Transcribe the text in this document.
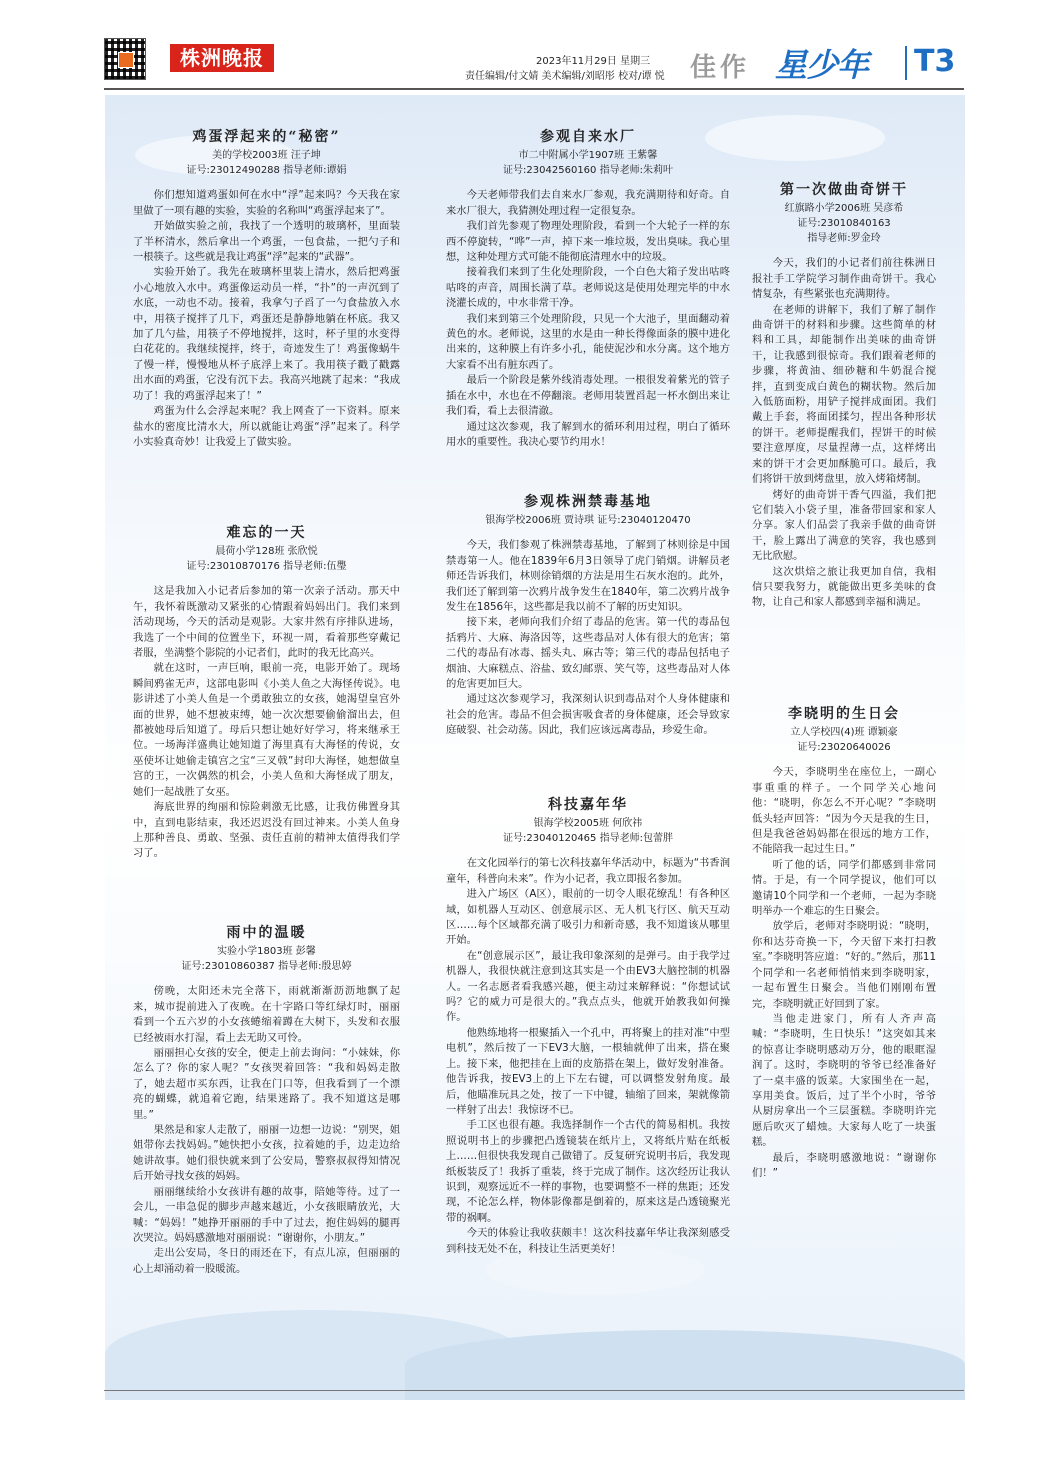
株洲晚报	2023年11月29日 星期三
责任编辑/付文婧 美术编辑/刘昭彤 校对/谭 悦 佳作 星少年 T3
鸡蛋浮起来的“秘密”
美的学校2003班 汪子坤
证号:23012490288 指导老师:谭娟

你们想知道鸡蛋如何在水中“浮”起来吗？今天我在家里做了一项有趣的实验，实验的名称叫“鸡蛋浮起来了”。

开始做实验之前，我找了一个透明的玻璃杯，里面装了半杯清水，然后拿出一个鸡蛋，一包食盐，一把勺子和一根筷子。这些就是我让鸡蛋“浮”起来的“武器”。

实验开始了。我先在玻璃杯里装上清水，然后把鸡蛋小心地放入水中。鸡蛋像运动员一样，“扑”的一声沉到了水底，一动也不动。接着，我拿勺子舀了一勺食盐放入水中，用筷子搅拌了几下，鸡蛋还是静静地躺在杯底。我又加了几勺盐，用筷子不停地搅拌，这时，杯子里的水变得白花花的。我继续搅拌，终于，奇迹发生了！鸡蛋像蜗牛了慢一样，慢慢地从杯子底浮上来了。我用筷子戳了戳露出水面的鸡蛋，它没有沉下去。我高兴地跳了起来：“我成功了！我的鸡蛋浮起来了！”

鸡蛋为什么会浮起来呢？我上网查了一下资料。原来盐水的密度比清水大，所以就能让鸡蛋“浮”起来了。科学小实验真奇妙！让我爱上了做实验。

难忘的一天
晨荷小学128班 张欣悦
证号:23010870176 指导老师:伍璺

这是我加入小记者后参加的第一次亲子活动。那天中午，我怀着既激动又紧张的心情跟着妈妈出门。我们来到活动现场，今天的活动是观影。大家井然有序排队进场，我选了一个中间的位置坐下，环视一周，看着那些穿戴记者服，坐满整个影院的小记者们，此时的我无比高兴。

就在这时，一声巨响，眼前一亮，电影开始了。现场瞬间鸦雀无声，这部电影叫《小美人鱼之大海怪传说》。电影讲述了小美人鱼是一个勇敢独立的女孩，她渴望皇宫外面的世界，她不想被束缚，她一次次想要偷偷溜出去，但都被她母后知道了。母后只想让她好好学习，将来继承王位。一场海洋盛典让她知道了海里真有大海怪的传说，女巫使坏让她偷走镇宫之宝“三叉戟”封印大海怪，她想做皇宫的王，一次偶然的机会，小美人鱼和大海怪成了朋友，她们一起战胜了女巫。

海底世界的绚丽和惊险刺激无比感，让我仿佛置身其中，直到电影结束，我还迟迟没有回过神来。小美人鱼身上那种善良、勇敢、坚强、责任直前的精神太值得我们学习了。

雨中的温暖
实验小学1803班 彭馨
证号:23010860387 指导老师:殷思婷

傍晚，太阳还未完全落下，雨就渐渐沥沥地飘了起来，城市提前进入了夜晚。在十字路口等红绿灯时，丽丽看到一个五六岁的小女孩蜷缩着蹲在大树下，头发和衣服已经被雨水打湿，看上去无助又可怜。

丽丽担心女孩的安全，便走上前去询问：“小妹妹，你怎么了？你的家人呢？”女孩哭着回答：“我和妈妈走散了，她去超市买东西，让我在门口等，但我看到了一个漂亮的蝴蝶，就追着它跑，结果迷路了。我不知道这是哪里。”

果然是和家人走散了，丽丽一边想一边说：“别哭，姐姐带你去找妈妈。”她快把小女孩，拉着她的手，边走边给她讲故事。她们很快就来到了公安局，警察叔叔得知情况后开始寻找女孩的妈妈。

丽丽继续给小女孩讲有趣的故事，陪她等待。过了一会儿，一串急促的脚步声越来越近，小女孩眼睛放光，大喊：“妈妈！”她挣开丽丽的手中了过去，抱住妈妈的腿再次哭泣。妈妈感激地对丽丽说：“谢谢你，小朋友。”

走出公安局，冬日的雨还在下，有点儿凉，但丽丽的心上却涌动着一股暖流。

参观自来水厂
市二中附属小学1907班 王紫馨
证号:23042560160 指导老师:朱莉叶

今天老师带我们去自来水厂参观，我充满期待和好奇。自来水厂很大，我猜测处理过程一定很复杂。

我们首先参观了物理处理阶段，看到一个大轮子一样的东西不停旋转，“哗”一声，掉下来一堆垃圾，发出臭味。我心里想，这种处理方式可能不能彻底清理水中的垃圾。

接着我们来到了生化处理阶段，一个白色大箱子发出咕咚咕咚的声音，周围长满了草。老师说这是使用处理完毕的中水浇灌长成的，中水非常干净。

我们来到第三个处理阶段，只见一个大池子，里面翻动着黄色的水。老师说，这里的水是由一种长得像面条的膜中进化出来的，这种膜上有许多小孔，能使泥沙和水分离。这个地方大家看不出有脏东西了。

最后一个阶段是紫外线消毒处理。一根很发着紫光的管子插在水中，水也在不停翻滚。老师用装置舀起一杯水倒出来让我们看，看上去很清澈。

通过这次参观，我了解到水的循环利用过程，明白了循环用水的重要性。我决心要节约用水！

参观株洲禁毒基地
银海学校2006班 贾诗琪 证号:23040120470

今天，我们参观了株洲禁毒基地，了解到了林则徐是中国禁毒第一人。他在1839年6月3日领导了虎门销烟。讲解员老师还告诉我们，林则徐销烟的方法是用生石灰水泡的。此外，我们还了解到第一次鸦片战争发生在1840年，第二次鸦片战争发生在1856年，这些都是我以前不了解的历史知识。

接下来，老师向我们介绍了毒品的危害。第一代的毒品包括鸦片、大麻、海洛因等，这些毒品对人体有很大的危害；第二代的毒品有冰毒、摇头丸、麻古等；第三代的毒品包括电子烟油、大麻糕点、浴盐、致幻邮票、笑气等，这些毒品对人体的危害更加巨大。

通过这次参观学习，我深刻认识到毒品对个人身体健康和社会的危害。毒品不但会损害吸食者的身体健康，还会导致家庭破裂、社会动荡。因此，我们应该远离毒品，珍爱生命。

科技嘉年华
银海学校2005班 何欣祎
证号:23040120465 指导老师:包蕾胖

在文化园举行的第七次科技嘉年华活动中，标题为“书香润童年，科普向未来”。作为小记者，我立即报名参加。

进入广场区（A区），眼前的一切令人眼花缭乱！有各种区域，如机器人互动区、创意展示区、无人机飞行区、航天互动区……每个区域都充满了吸引力和新奇感，我不知道该从哪里开始。

在“创意展示区”，最让我印象深刻的是弹弓。由于我学过机器人，我很快就注意到这其实是一个由EV3大脑控制的机器人。一名志愿者看我感兴趣，便主动过来解释说：“你想试试吗？它的威力可是很大的。”我点点头，他就开始教我如何操作。

他熟练地将一根聚插入一个孔中，再将聚上的挂对准“中型电机”，然后按了一下EV3大脑，一根轴就伸了出来，搭在聚上。接下来，他把挂在上面的皮筋搭在架上，做好发射准备。他告诉我，按EV3上的上下左右键，可以调整发射角度。最后，他瞄准玩具之处，按了一下中键，轴缩了回来，架就像箭一样射了出去！我惊讶不已。

手工区也很有趣。我选择制作一个古代的简易相机。我按照说明书上的步骤把凸透镜装在纸片上，又将纸片贴在纸板上……但很快我发现自己做错了。反复研究说明书后，我发现纸板装反了！我拆了重装，终于完成了制作。这次经历让我认识到，观察远近不一样的事物，也要调整不一样的焦距；还发现，不论怎么样，物体影像都是倒着的，原来这是凸透镜聚光带的祸啊。

今天的体验让我收获颇丰！这次科技嘉年华让我深刻感受到科技无处不在，科技让生活更美好！

第一次做曲奇饼干
红旗路小学2006班 吴彦希
证号:23010840163
指导老师:罗金玲

今天，我们的小记者们前往株洲日报社手工学院学习制作曲奇饼干。我心情复杂，有些紧张也充满期待。

在老师的讲解下，我们了解了制作曲奇饼干的材料和步骤。这些简单的材料和工具，却能制作出美味的曲奇饼干，让我感到很惊奇。我们跟着老师的步骤，将黄油、细砂糖和牛奶混合搅拌，直到变成白黄色的糊状物。然后加入低筋面粉，用铲子搅拌成面团。我们戴上手套，将面团揉匀，捏出各种形状的饼干。老师提醒我们，捏饼干的时候要注意厚度，尽量捏薄一点，这样烤出来的饼干才会更加酥脆可口。最后，我们将饼干放到烤盘里，放入烤箱烤制。

烤好的曲奇饼干香气四溢，我们把它们装入小袋子里，准备带回家和家人分享。家人们品尝了我亲手做的曲奇饼干，脸上露出了满意的笑容，我也感到无比欣慰。

这次烘焙之旅让我更加自信，我相信只要我努力，就能做出更多美味的食物，让自己和家人都感到幸福和满足。

李晓明的生日会
立人学校四(4)班 谭颖豪
证号:23020640026

今天，李晓明坐在座位上，一副心事重重的样子。一个同学关心地问他：“晓明，你怎么不开心呢？”李晓明低头轻声回答：“因为今天是我的生日，但是我爸爸妈妈都在很远的地方工作，不能陪我一起过生日。”

听了他的话，同学们都感到非常同情。于是，有一个同学提议，他们可以邀请10个同学和一个老师，一起为李晓明举办一个难忘的生日聚会。

放学后，老师对李晓明说：“晓明，你和达芬奇换一下，今天留下来打扫教室。”李晓明答应道：“好的。”然后，那11个同学和一名老师悄悄来到李晓明家，一起布置生日聚会。当他们刚刚布置完，李晓明就正好回到了家。

当他走进家门，所有人齐声高喊：“李晓明，生日快乐！”这突如其来的惊喜让李晓明感动万分，他的眼眶湿润了。这时，李晓明的爷爷已经准备好了一桌丰盛的饭菜。大家围坐在一起，享用美食。饭后，过了半个小时，爷爷从厨房拿出一个三层蛋糕。李晓明许完愿后吹灭了蜡烛。大家每人吃了一块蛋糕。

最后，李晓明感激地说：“谢谢你们！”
